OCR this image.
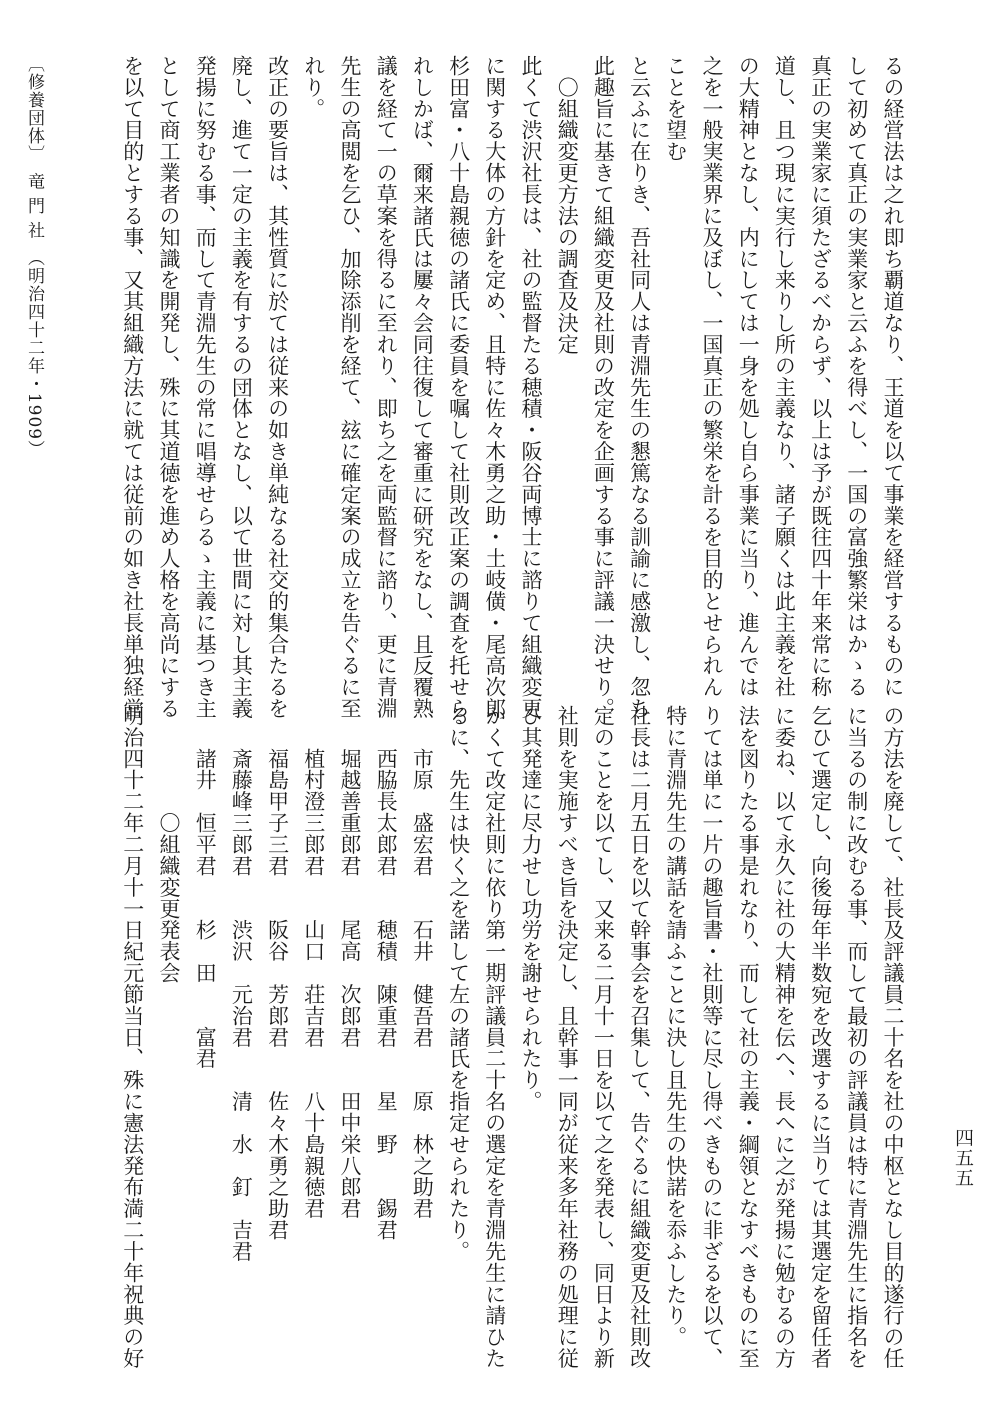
るの経営法は之れ即ち覇道なり、王道を以て事業を経営するものに
して初めて真正の実業家と云ふを得べし、一国の富強繁栄はかゝる
真正の実業家に須たざるべからず、以上は予が既往四十年来常に称
道し、且つ現に実行し来りし所の主義なり、諸子願くは此主義を社
の大精神となし、内にしては一身を処し自ら事業に当り、進んでは
之を一般実業界に及ぼし、一国真正の繁栄を計るを目的とせられん
ことを望む
と云ふに在りき、吾社同人は青淵先生の懇篤なる訓諭に感激し、忽ち
此趣旨に基きて組織変更及社則の改定を企画する事に評議一決せり。
　〇組織変更方法の調査及決定
此くて渋沢社長は、社の監督たる穂積・阪谷両博士に諮りて組織変更
に関する大体の方針を定め、且特に佐々木勇之助・土岐僙・尾高次郎
杉田富・八十島親徳の諸氏に委員を嘱して社則改正案の調査を托せら
れしかば、爾来諸氏は屢々会同往復して審重に研究をなし、且反覆熟
議を経て一の草案を得るに至れり、即ち之を両監督に諮り、更に青淵
先生の高閲を乞ひ、加除添削を経て、玆に確定案の成立を告ぐるに至
れり。
改正の要旨は、其性質に於ては従来の如き単純なる社交的集合たるを
廃し、進て一定の主義を有するの団体となし、以て世間に対し其主義
発揚に努むる事、而して青淵先生の常に唱導せらるゝ主義に基つき主
として商工業者の知識を開発し、殊に其道徳を進め人格を高尚にする
を以て目的とする事、又其組織方法に就ては従前の如き社長単独経営
の方法を廃して、社長及評議員二十名を社の中枢となし目的遂行の任
に当るの制に改むる事、而して最初の評議員は特に青淵先生に指名を
乞ひて選定し、向後毎年半数宛を改選するに当りては其選定を留任者
に委ね、以て永久に社の大精神を伝へ、長へに之が発揚に勉むるの方
法を図りたる事是れなり、而して社の主義・綱領となすべきものに至
りては単に一片の趣旨書・社則等に尽し得べきものに非ざるを以て、
特に青淵先生の講話を請ふことに決し且先生の快諾を忝ふしたり。
社長は二月五日を以て幹事会を召集して、告ぐるに組織変更及社則改
定のことを以てし、又来る二月十一日を以て之を発表し、同日より新
社則を実施すべき旨を決定し、且幹事一同が従来多年社務の処理に従
ひ其発達に尽力せし功労を謝せられたり。
かくて改定社則に依り第一期評議員二十名の選定を青淵先生に請ひた
るに、先生は快く之を諾して左の諸氏を指定せられたり。
　　市原　盛宏君　　石井　健吾君　　原　林之助君
　　西脇長太郎君　　穂積　陳重君　　星　野　　錫君
　　堀越善重郎君　　尾高　次郎君　　田中栄八郎君
　　植村澄三郎君　　山口　荘吉君　　八十島親徳君
　　福島甲子三君　　阪谷　芳郎君　　佐々木勇之助君
　　斎藤峰三郎君　　渋沢　元治君　　清　水　釘　吉君
　　諸井　恒平君　　杉　田　　富君
　　　　　〇組織変更発表会
明治四十二年二月十一日紀元節当日、殊に憲法発布満二十年祝典の好
〔修養団体〕　竜 門 社　（明治四十二年・1909）
四五五
